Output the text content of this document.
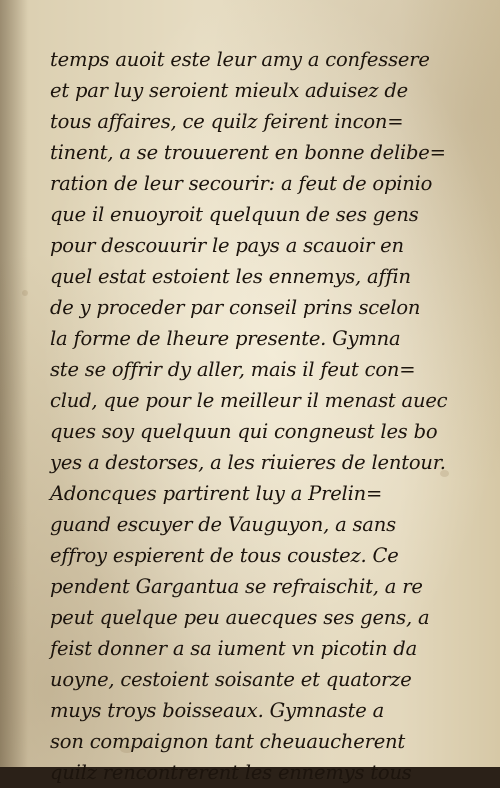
temps auoit este leur amy a confessere
et par luy seroient mieulx aduisez de
tous affaires, ce quilz feirent incon=
tinent, a se trouuerent en bonne delibe=
ration de leur secourir: a feut de opinio
que il enuoyroit quelquun de ses gens
pour descouurir le pays a scauoir en
quel estat estoient les ennemys, affin
de y proceder par conseil prins scelon
la forme de lheure presente. Gymna
ste se offrir dy aller, mais il feut con=
clud, que pour le meilleur il menast auec
ques soy quelquun qui congneust les bo
yes a destorses, a les riuieres de lentour.
Adoncques partirent luy a Prelin=
guand escuyer de Vauguyon, a sans
effroy espierent de tous coustez. Ce
pendent Gargantua se refraischit, a re
peut quelque peu auecques ses gens, a
feist donner a sa iument vn picotin da
uoyne, cestoient soisante et quatorze
muys troys boisseaux. Gymnaste a
son compaignon tant cheuaucherent
quilz rencontrerent les ennemys tous
